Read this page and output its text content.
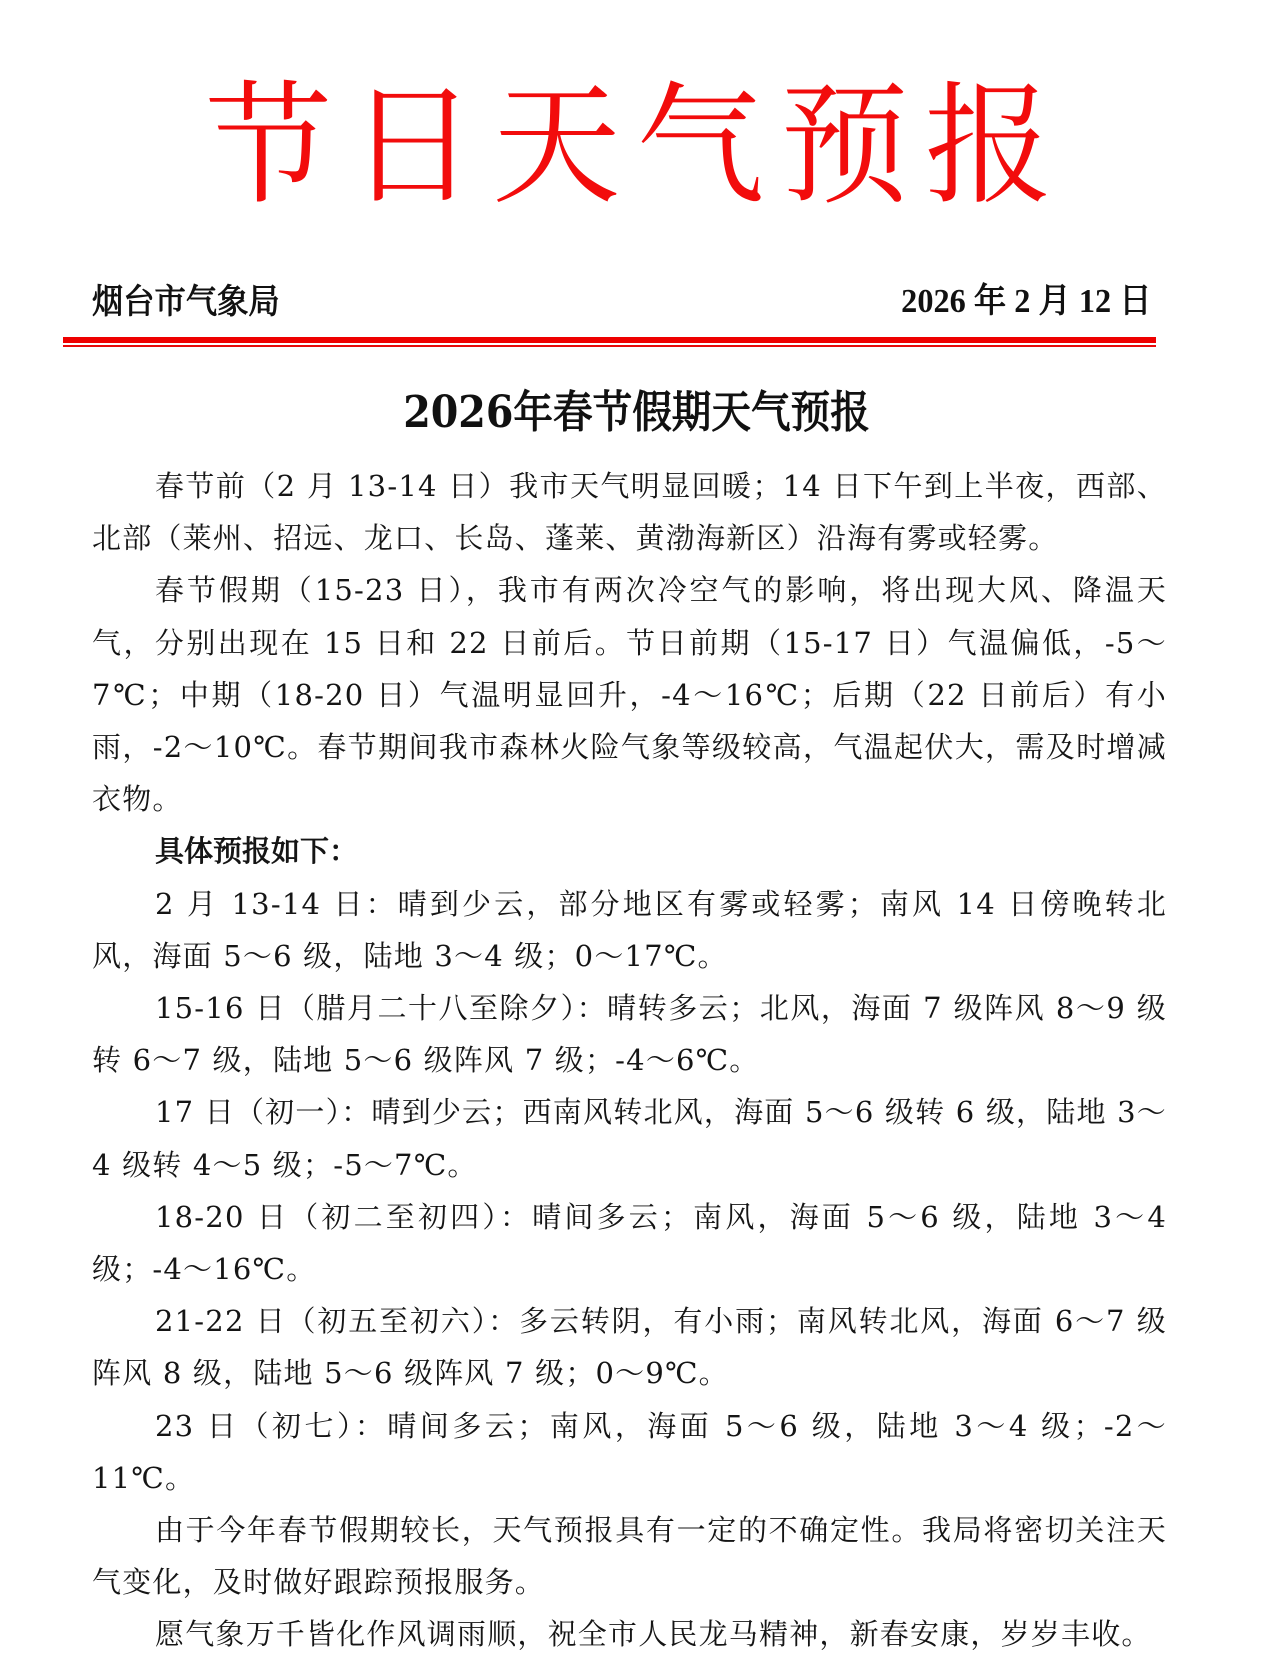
节日天气预报
烟台市气象局	2026 年 2 月 12 日
2026年春节假期天气预报

春节前（2 月 13-14 日）我市天气明显回暖；14 日下午到上半夜，西部、北部（莱州、招远、龙口、长岛、蓬莱、黄渤海新区）沿海有雾或轻雾。

春节假期（15-23 日），我市有两次冷空气的影响，将出现大风、降温天气，分别出现在 15 日和 22 日前后。节日前期（15-17 日）气温偏低，-5～7℃；中期（18-20 日）气温明显回升，-4～16℃；后期（22 日前后）有小雨，-2～10℃。春节期间我市森林火险气象等级较高，气温起伏大，需及时增减衣物。

具体预报如下：

2 月 13-14 日：晴到少云，部分地区有雾或轻雾；南风 14 日傍晚转北风，海面 5～6 级，陆地 3～4 级；0～17℃。

15-16 日（腊月二十八至除夕）：晴转多云；北风，海面 7 级阵风 8～9 级转 6～7 级，陆地 5～6 级阵风 7 级；-4～6℃。

17 日（初一）：晴到少云；西南风转北风，海面 5～6 级转 6 级，陆地 3～4 级转 4～5 级；-5～7℃。

18-20 日（初二至初四）：晴间多云；南风，海面 5～6 级，陆地 3～4 级；-4～16℃。

21-22 日（初五至初六）：多云转阴，有小雨；南风转北风，海面 6～7 级阵风 8 级，陆地 5～6 级阵风 7 级；0～9℃。

23 日（初七）：晴间多云；南风，海面 5～6 级，陆地 3～4 级；-2～11℃。

由于今年春节假期较长，天气预报具有一定的不确定性。我局将密切关注天气变化，及时做好跟踪预报服务。

愿气象万千皆化作风调雨顺，祝全市人民龙马精神，新春安康，岁岁丰收。
